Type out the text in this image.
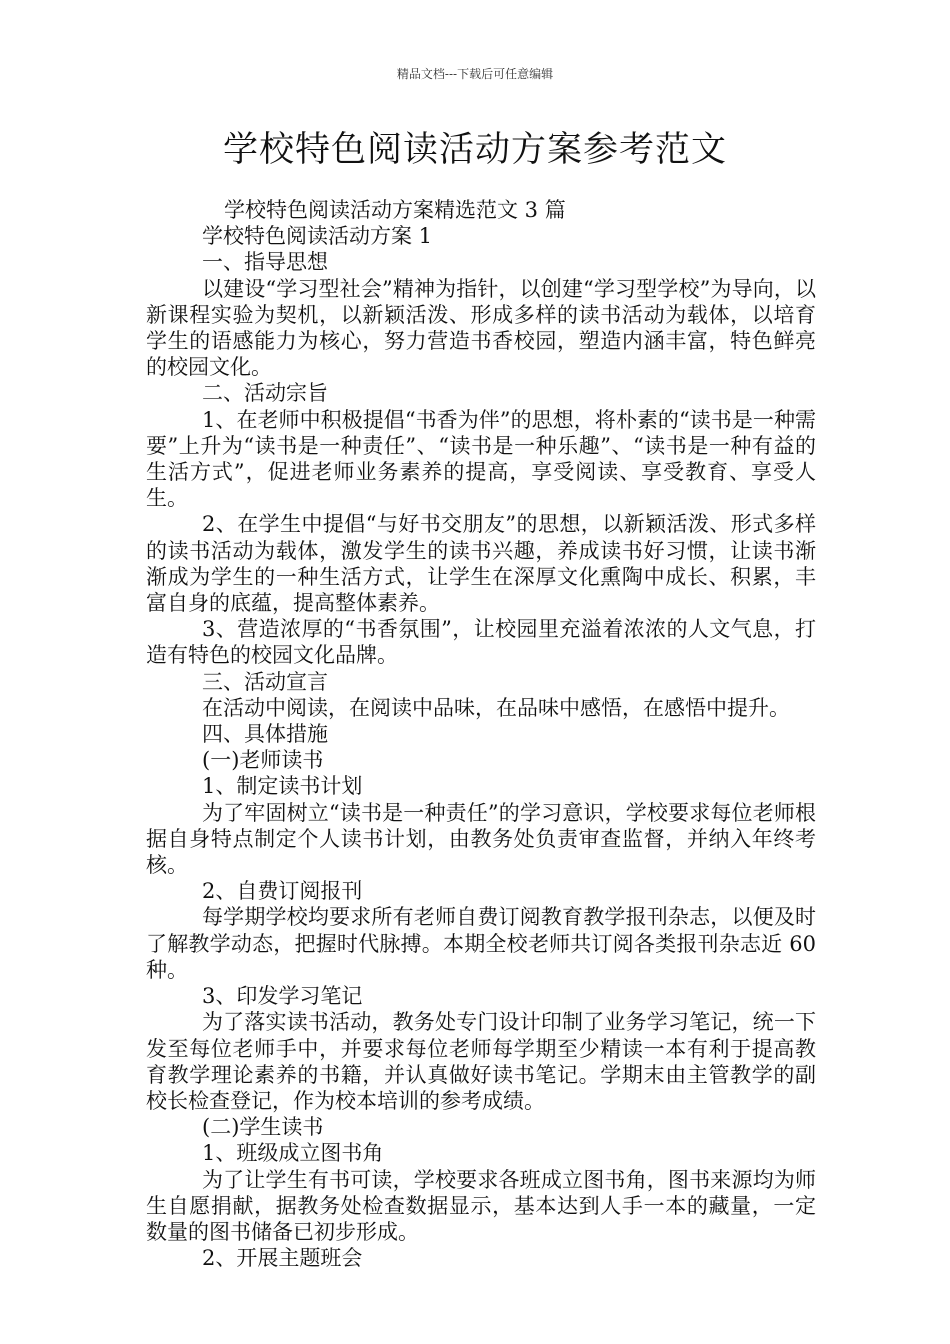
精品文档---下载后可任意编辑
学校特色阅读活动方案参考范文

学校特色阅读活动方案精选范文 3 篇

学校特色阅读活动方案 1

一、指导思想

以建设“学习型社会”精神为指针，以创建“学习型学校”为导向，以新课程实验为契机，以新颖活泼、形成多样的读书活动为载体，以培育学生的语感能力为核心，努力营造书香校园，塑造内涵丰富，特色鲜亮的校园文化。

二、活动宗旨

1、在老师中积极提倡“书香为伴”的思想，将朴素的“读书是一种需要”上升为“读书是一种责任”、“读书是一种乐趣”、“读书是一种有益的生活方式”，促进老师业务素养的提高，享受阅读、享受教育、享受人生。

2、在学生中提倡“与好书交朋友”的思想，以新颖活泼、形式多样的读书活动为载体，激发学生的读书兴趣，养成读书好习惯，让读书渐渐成为学生的一种生活方式，让学生在深厚文化熏陶中成长、积累，丰富自身的底蕴，提高整体素养。

3、营造浓厚的“书香氛围”，让校园里充溢着浓浓的人文气息，打造有特色的校园文化品牌。

三、活动宣言

在活动中阅读，在阅读中品味，在品味中感悟，在感悟中提升。

四、具体措施

(一)老师读书

1、制定读书计划

为了牢固树立“读书是一种责任”的学习意识，学校要求每位老师根据自身特点制定个人读书计划，由教务处负责审查监督，并纳入年终考核。

2、自费订阅报刊

每学期学校均要求所有老师自费订阅教育教学报刊杂志，以便及时了解教学动态，把握时代脉搏。本期全校老师共订阅各类报刊杂志近 60 种。

3、印发学习笔记

为了落实读书活动，教务处专门设计印制了业务学习笔记，统一下发至每位老师手中，并要求每位老师每学期至少精读一本有利于提高教育教学理论素养的书籍，并认真做好读书笔记。学期末由主管教学的副校长检查登记，作为校本培训的参考成绩。

(二)学生读书

1、班级成立图书角

为了让学生有书可读，学校要求各班成立图书角，图书来源均为师生自愿捐献，据教务处检查数据显示，基本达到人手一本的藏量，一定数量的图书储备已初步形成。

2、开展主题班会
